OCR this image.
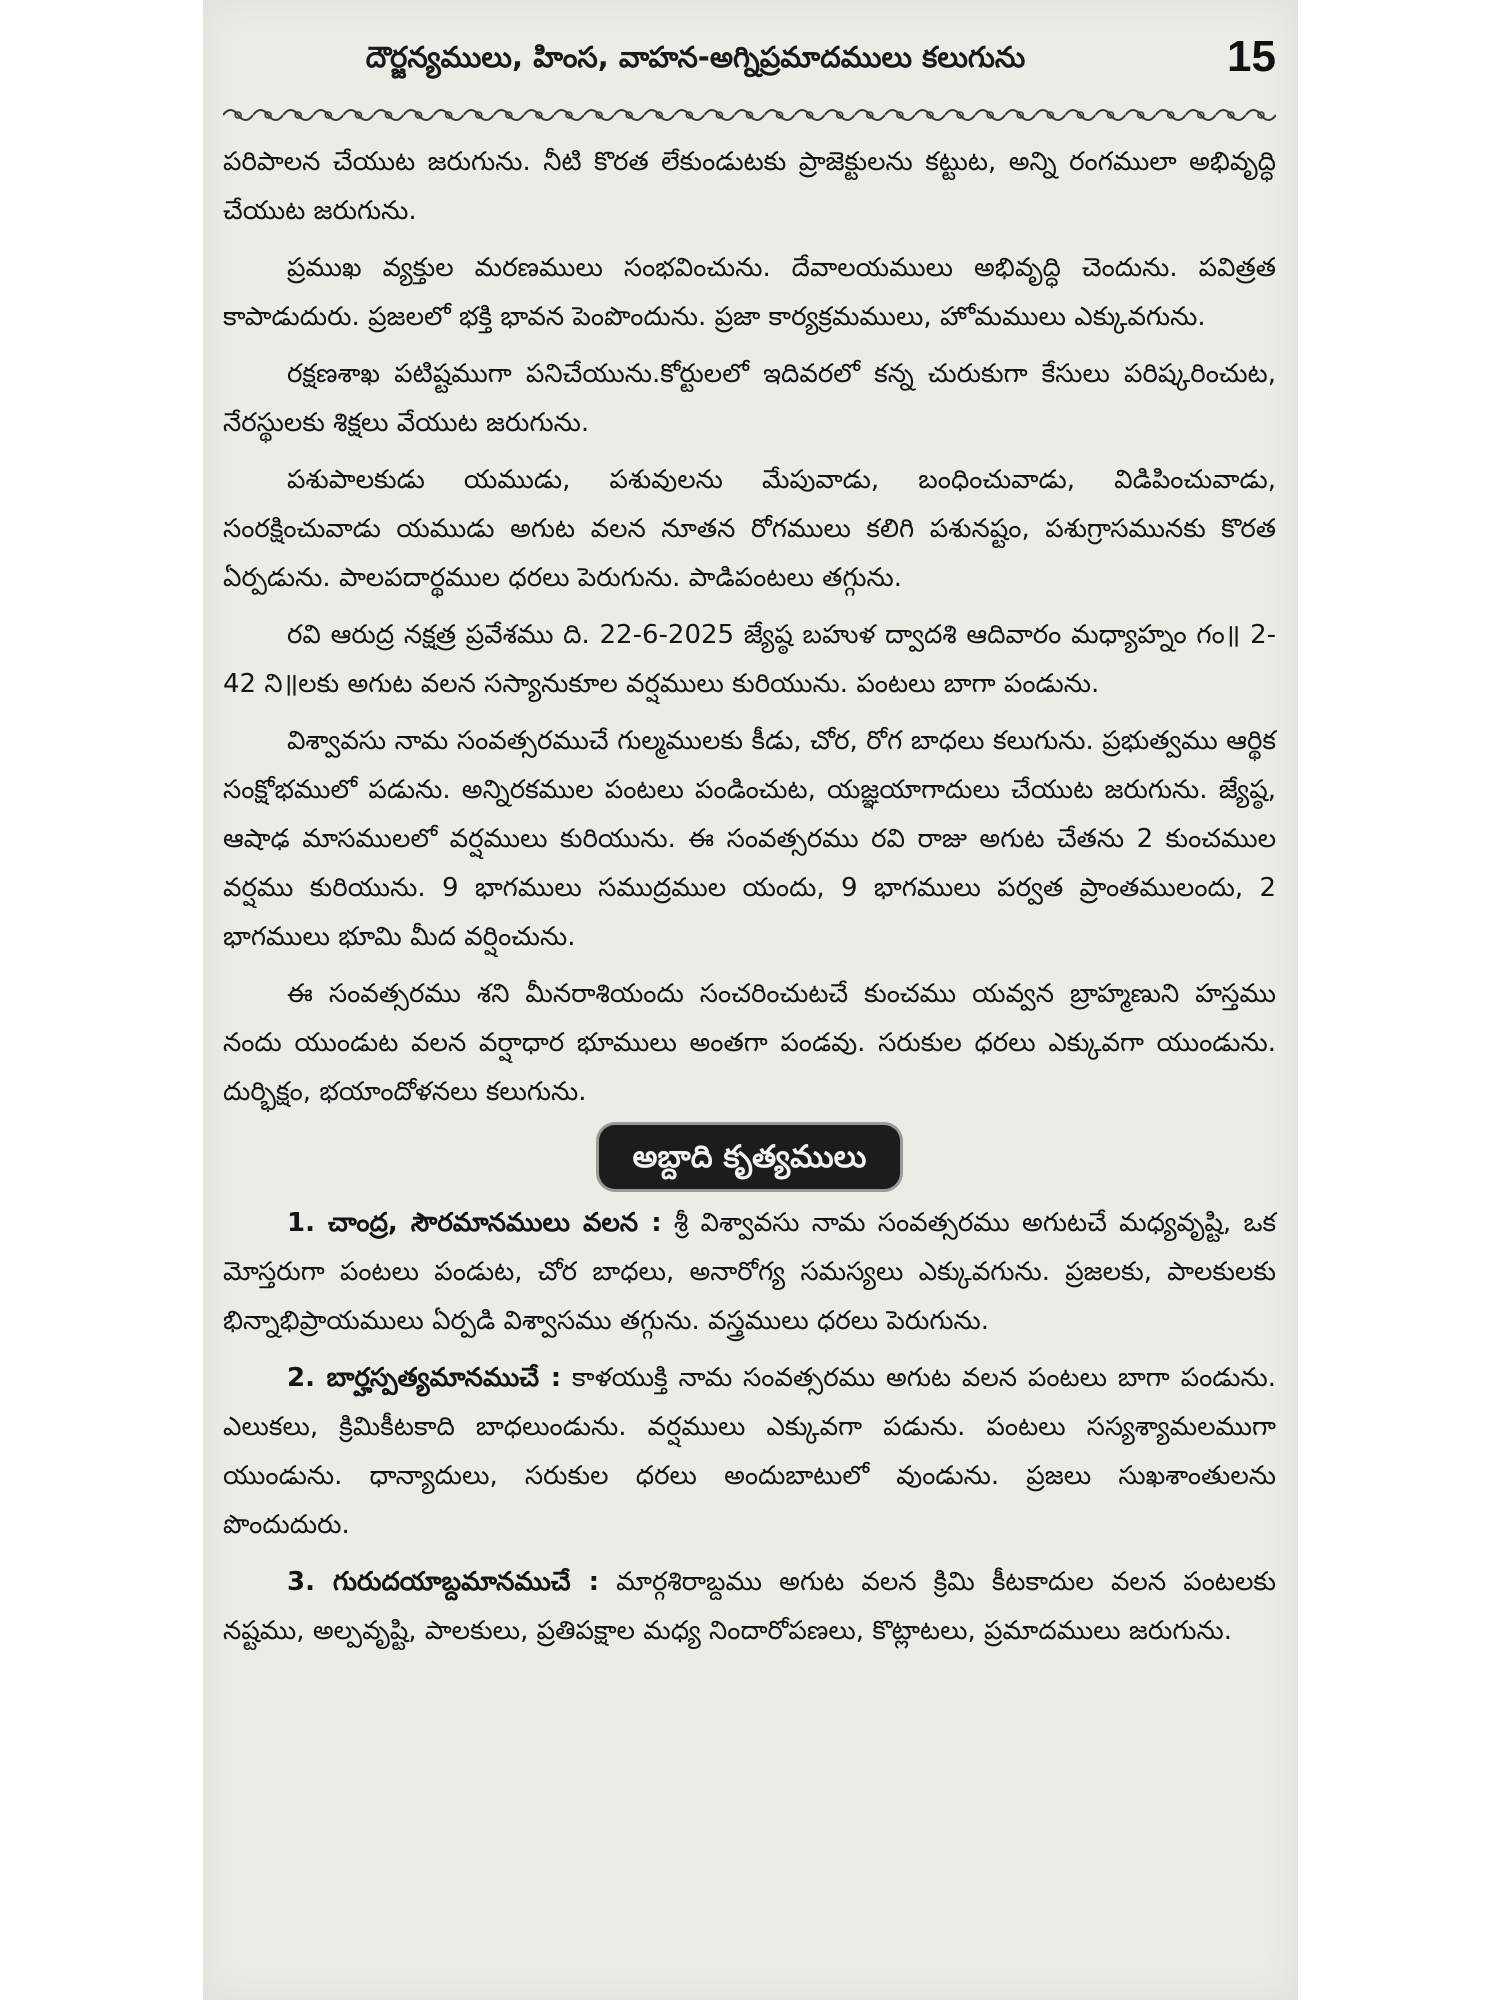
దౌర్జన్యములు, హింస, వాహన-అగ్నిప్రమాదములు కలుగును	15

పరిపాలన చేయుట జరుగును. నీటి కొరత లేకుండుటకు ప్రాజెక్టులను కట్టుట, అన్ని రంగములా అభివృద్ధి చేయుట జరుగును.

ప్రముఖ వ్యక్తుల మరణములు సంభవించును. దేవాలయములు అభివృద్ధి చెందును. పవిత్రత కాపాడుదురు. ప్రజలలో భక్తి భావన పెంపొందును. ప్రజా కార్యక్రమములు, హోమములు ఎక్కువగును.

రక్షణశాఖ పటిష్టముగా పనిచేయును.కోర్టులలో ఇదివరలో కన్న చురుకుగా కేసులు పరిష్కరించుట, నేరస్థులకు శిక్షలు వేయుట జరుగును.

పశుపాలకుడు యముడు, పశువులను మేపువాడు, బంధించువాడు, విడిపించువాడు, సంరక్షించువాడు యముడు అగుట వలన నూతన రోగములు కలిగి పశునష్టం, పశుగ్రాసమునకు కొరత ఏర్పడును. పాలపదార్థముల ధరలు పెరుగును. పాడిపంటలు తగ్గును.

రవి ఆరుద్ర నక్షత్ర ప్రవేశము ది. 22-6-2025 జ్యేష్ఠ బహుళ ద్వాదశి ఆదివారం మధ్యాహ్నం గం॥ 2-42 ని॥లకు అగుట వలన సస్యానుకూల వర్షములు కురియును. పంటలు బాగా పండును.

విశ్వావసు నామ సంవత్సరముచే గుల్మములకు కీడు, చోర, రోగ బాధలు కలుగును. ప్రభుత్వము ఆర్థిక సంక్షోభములో పడును. అన్నిరకముల పంటలు పండించుట, యజ్ఞయాగాదులు చేయుట జరుగును. జ్యేష్ఠ, ఆషాఢ మాసములలో వర్షములు కురియును. ఈ సంవత్సరము రవి రాజు అగుట చేతను 2 కుంచముల వర్షము కురియును. 9 భాగములు సముద్రముల యందు, 9 భాగములు పర్వత ప్రాంతములందు, 2 భాగములు భూమి మీద వర్షించును.

ఈ సంవత్సరము శని మీనరాశియందు సంచరించుటచే కుంచము యవ్వన బ్రాహ్మణుని హస్తము నందు యుండుట వలన వర్షాధార భూములు అంతగా పండవు. సరుకుల ధరలు ఎక్కువగా యుండును. దుర్భిక్షం, భయాందోళనలు కలుగును.

అబ్దాది కృత్యములు

1. చాంద్ర, సౌరమానములు వలన : శ్రీ విశ్వావసు నామ సంవత్సరము అగుటచే మధ్యవృష్టి, ఒక మోస్తరుగా పంటలు పండుట, చోర బాధలు, అనారోగ్య సమస్యలు ఎక్కువగును. ప్రజలకు, పాలకులకు భిన్నాభిప్రాయములు ఏర్పడి విశ్వాసము తగ్గును. వస్త్రములు ధరలు పెరుగును.

2. బార్హస్పత్యమానముచే : కాళయుక్తి నామ సంవత్సరము అగుట వలన పంటలు బాగా పండును. ఎలుకలు, క్రిమికీటకాది బాధలుండును. వర్షములు ఎక్కువగా పడును. పంటలు సస్యశ్యామలముగా యుండును. ధాన్యాదులు, సరుకుల ధరలు అందుబాటులో వుండును. ప్రజలు సుఖశాంతులను పొందుదురు.

3. గురుదయాబ్దమానముచే : మార్గశిరాబ్దము అగుట వలన క్రిమి కీటకాదుల వలన పంటలకు నష్టము, అల్పవృష్టి, పాలకులు, ప్రతిపక్షాల మధ్య నిందారోపణలు, కొట్లాటలు, ప్రమాదములు జరుగును.
